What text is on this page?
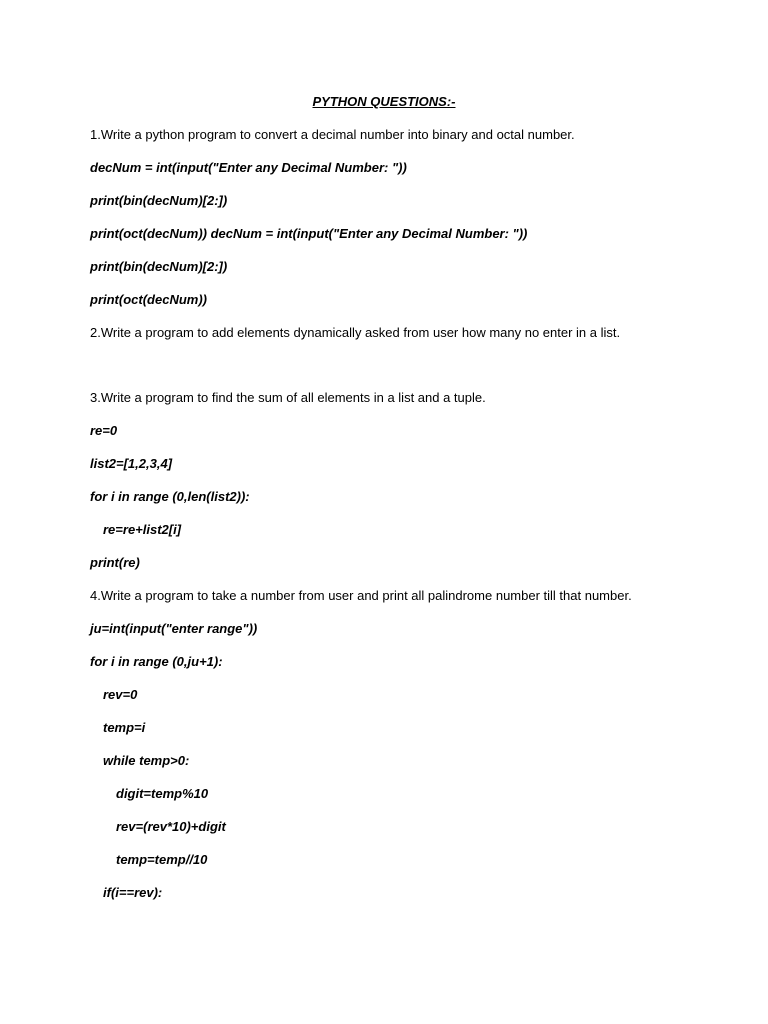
PYTHON QUESTIONS:-
1.Write a python program to convert a decimal number into binary and octal number.
decNum = int(input("Enter any Decimal Number: "))
print(bin(decNum)[2:])
print(oct(decNum)) decNum = int(input("Enter any Decimal Number: "))
print(bin(decNum)[2:])
print(oct(decNum))
2.Write a program to add elements dynamically asked from user how many no enter in a list.
3.Write a program to find the sum of all elements in a list and a tuple.
re=0
list2=[1,2,3,4]
for i in range (0,len(list2)):
re=re+list2[i]
print(re)
4.Write a program to take a number from user and print all palindrome number till that number.
ju=int(input("enter range"))
for i in range (0,ju+1):
rev=0
temp=i
while temp>0:
digit=temp%10
rev=(rev*10)+digit
temp=temp//10
if(i==rev):
